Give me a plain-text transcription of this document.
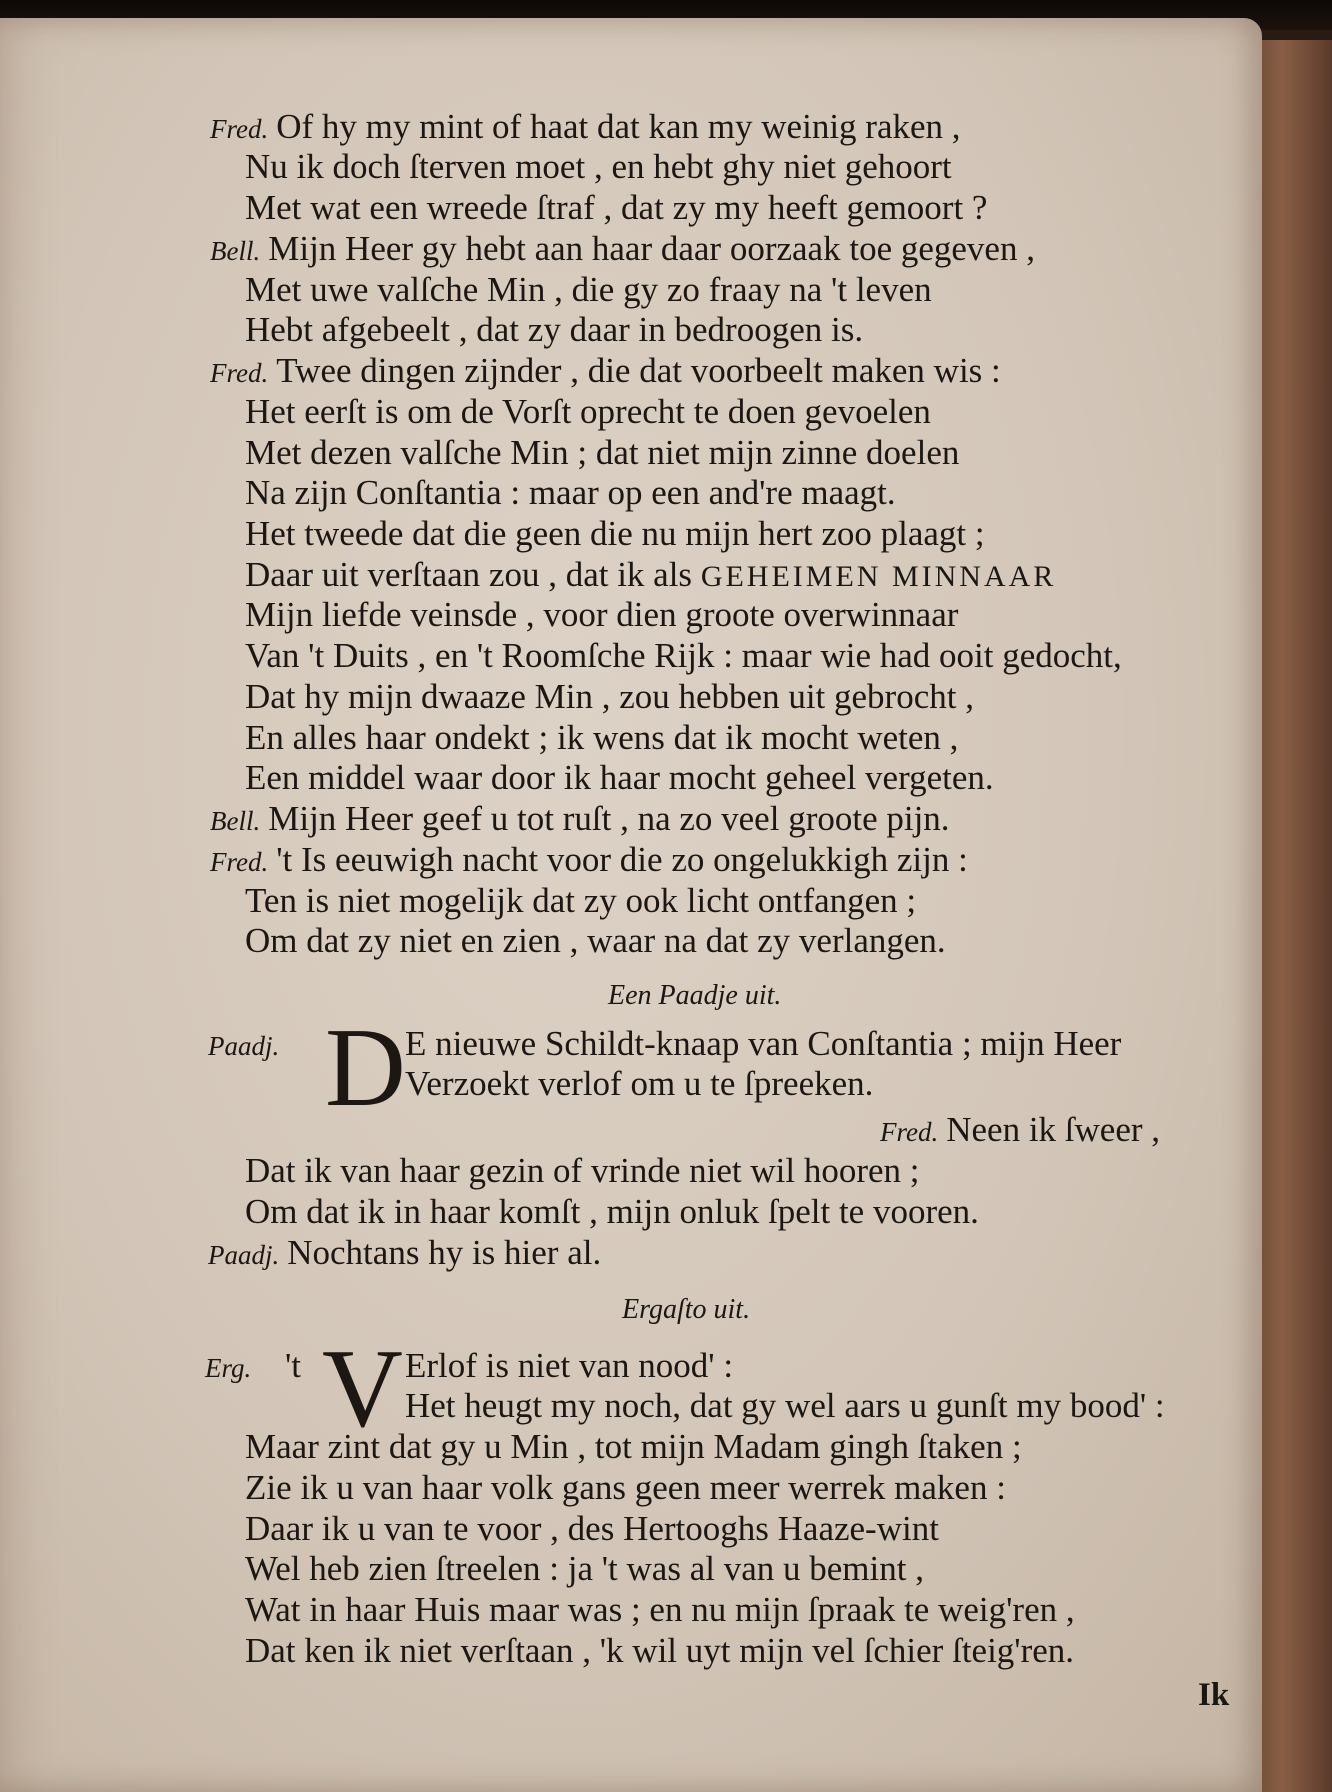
Fred. Of hy my mint of haat dat kan my weinig raken ,
Nu ik doch ſterven moet , en hebt ghy niet gehoort
Met wat een wreede ſtraf , dat zy my heeft gemoort ?
Bell. Mijn Heer gy hebt aan haar daar oorzaak toe gegeven ,
Met uwe valſche Min , die gy zo fraay na 't leven
Hebt afgebeelt , dat zy daar in bedroogen is.
Fred. Twee dingen zijnder , die dat voorbeelt maken wis :
Het eerſt is om de Vorſt oprecht te doen gevoelen
Met dezen valſche Min ; dat niet mijn zinne doelen
Na zijn Conſtantia : maar op een and're maagt.
Het tweede dat die geen die nu mijn hert zoo plaagt ;
Daar uit verſtaan zou , dat ik als GEHEIMEN MINNAAR
Mijn liefde veinsde , voor dien groote overwinnaar
Van 't Duits , en 't Roomſche Rijk : maar wie had ooit gedocht,
Dat hy mijn dwaaze Min , zou hebben uit gebrocht ,
En alles haar ondekt ; ik wens dat ik mocht weten ,
Een middel waar door ik haar mocht geheel vergeten.
Bell. Mijn Heer geef u tot ruſt , na zo veel groote pijn.
Fred. 't Is eeuwigh nacht voor die zo ongelukkigh zijn :
Ten is niet mogelijk dat zy ook licht ontfangen ;
Om dat zy niet en zien , waar na dat zy verlangen.
Een Paadje uit.
Paadj. D E nieuwe Schildt-knaap van Conſtantia ; mijn Heer
Verzoekt verlof om u te ſpreeken.
Fred. Neen ik ſweer ,
Dat ik van haar gezin of vrinde niet wil hooren ;
Om dat ik in haar komſt , mijn onluk ſpelt te vooren.
Paadj. Nochtans hy is hier al.
Ergaſto uit.
Erg. 't V Erlof is niet van nood' :
Het heugt my noch, dat gy wel aars u gunſt my bood' :
Maar zint dat gy u Min , tot mijn Madam gingh ſtaken ;
Zie ik u van haar volk gans geen meer werrek maken :
Daar ik u van te voor , des Hertooghs Haaze-wint
Wel heb zien ſtreelen : ja 't was al van u bemint ,
Wat in haar Huis maar was ; en nu mijn ſpraak te weig'ren ,
Dat ken ik niet verſtaan , 'k wil uyt mijn vel ſchier ſteig'ren.
Ik
